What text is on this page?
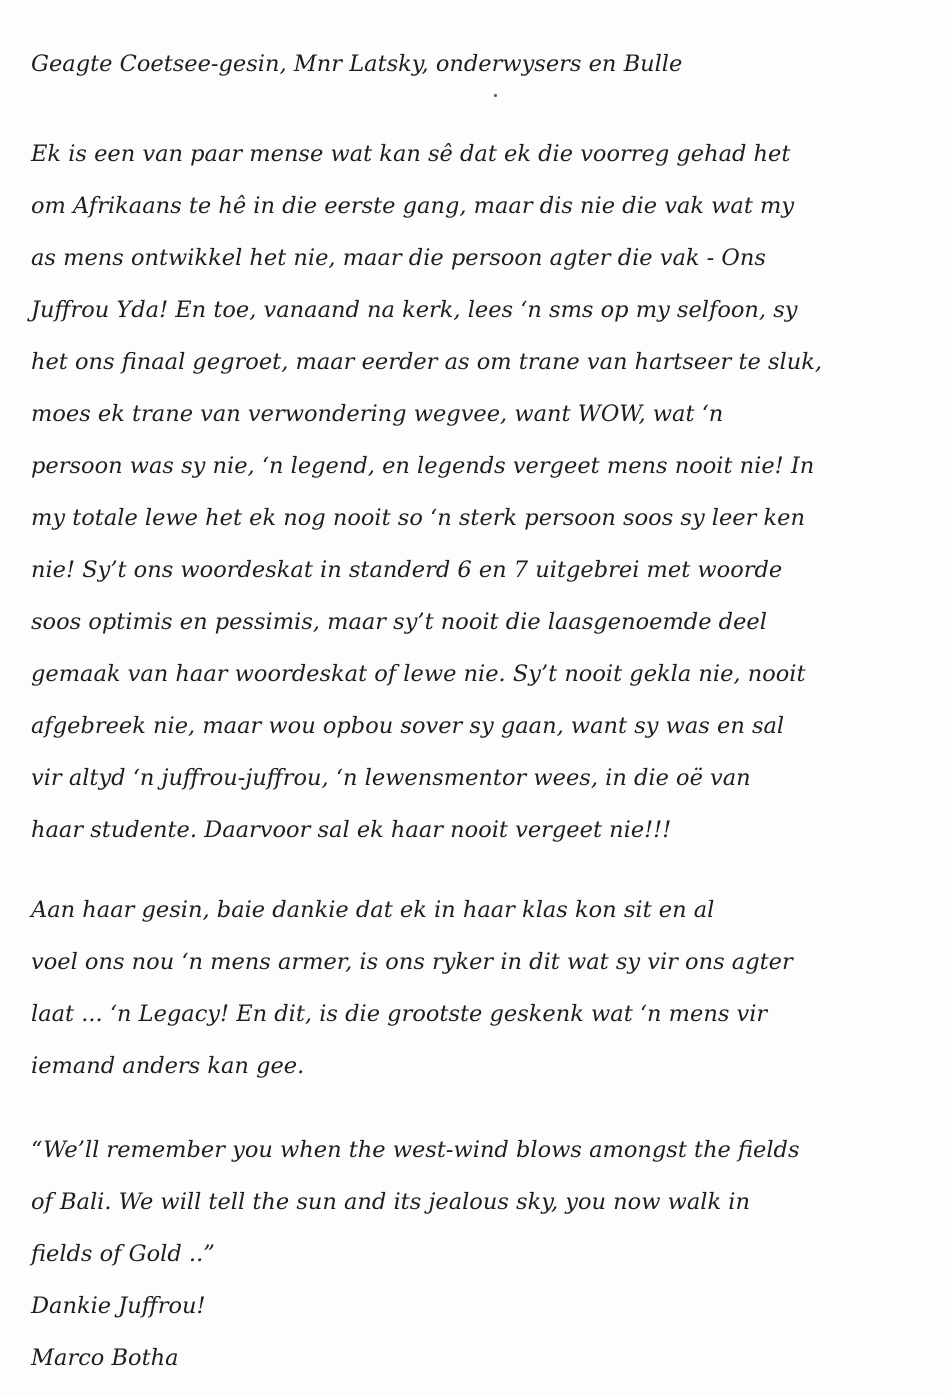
Geagte Coetsee-gesin, Mnr Latsky, onderwysers en Bulle
Ek is een van paar mense wat kan sê dat ek die voorreg gehad het
om Afrikaans te hê in die eerste gang, maar dis nie die vak wat my
as mens ontwikkel het nie, maar die persoon agter die vak - Ons
Juffrou Yda! En toe, vanaand na kerk, lees ‘n sms op my selfoon, sy
het ons finaal gegroet, maar eerder as om trane van hartseer te sluk,
moes ek trane van verwondering wegvee, want WOW, wat ‘n
persoon was sy nie, ‘n legend, en legends vergeet mens nooit nie! In
my totale lewe het ek nog nooit so ‘n sterk persoon soos sy leer ken
nie! Sy’t ons woordeskat in standerd 6 en 7 uitgebrei met woorde
soos optimis en pessimis, maar sy’t nooit die laasgenoemde deel
gemaak van haar woordeskat of lewe nie. Sy’t nooit gekla nie, nooit
afgebreek nie, maar wou opbou sover sy gaan, want sy was en sal
vir altyd ‘n juffrou-juffrou, ‘n lewensmentor wees, in die oë van
haar studente. Daarvoor sal ek haar nooit vergeet nie!!!
Aan haar gesin, baie dankie dat ek in haar klas kon sit en al
voel ons nou ‘n mens armer, is ons ryker in dit wat sy vir ons agter
laat ... ‘n Legacy! En dit, is die grootste geskenk wat ‘n mens vir
iemand anders kan gee.
“We’ll remember you when the west-wind blows amongst the fields
of Bali. We will tell the sun and its jealous sky, you now walk in
fields of Gold ..”
Dankie Juffrou!
Marco Botha
